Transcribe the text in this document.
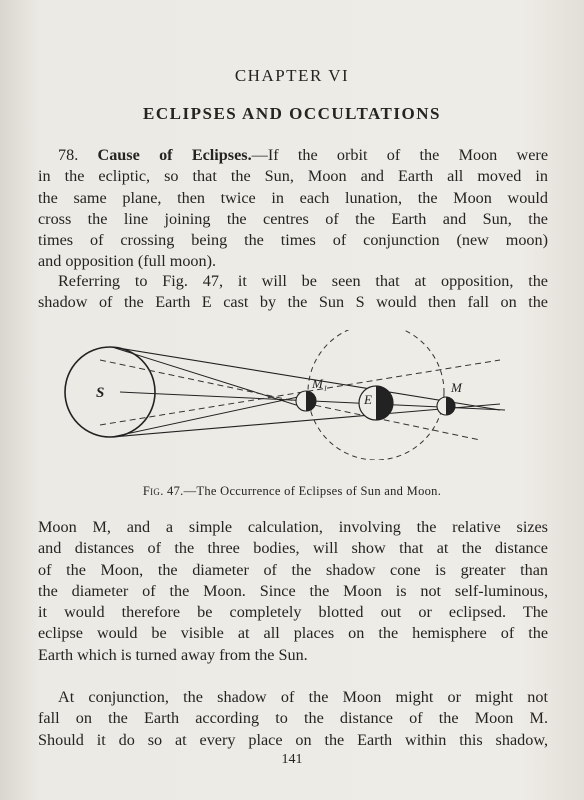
CHAPTER VI
ECLIPSES AND OCCULTATIONS
78. Cause of Eclipses.—If the orbit of the Moon were
in the ecliptic, so that the Sun, Moon and Earth all moved in
the same plane, then twice in each lunation, the Moon would
cross the line joining the centres of the Earth and Sun, the
times of crossing being the times of conjunction (new moon)
and opposition (full moon).
Referring to Fig. 47, it will be seen that at opposition, the
shadow of the Earth E cast by the Sun S would then fall on the
S
M₁
E
M
Fig. 47.—The Occurrence of Eclipses of Sun and Moon.
Moon M, and a simple calculation, involving the relative sizes
and distances of the three bodies, will show that at the distance
of the Moon, the diameter of the shadow cone is greater than
the diameter of the Moon. Since the Moon is not self-luminous,
it would therefore be completely blotted out or eclipsed. The
eclipse would be visible at all places on the hemisphere of the
Earth which is turned away from the Sun.
At conjunction, the shadow of the Moon might or might not
fall on the Earth according to the distance of the Moon M.
Should it do so at every place on the Earth within this shadow,
141
